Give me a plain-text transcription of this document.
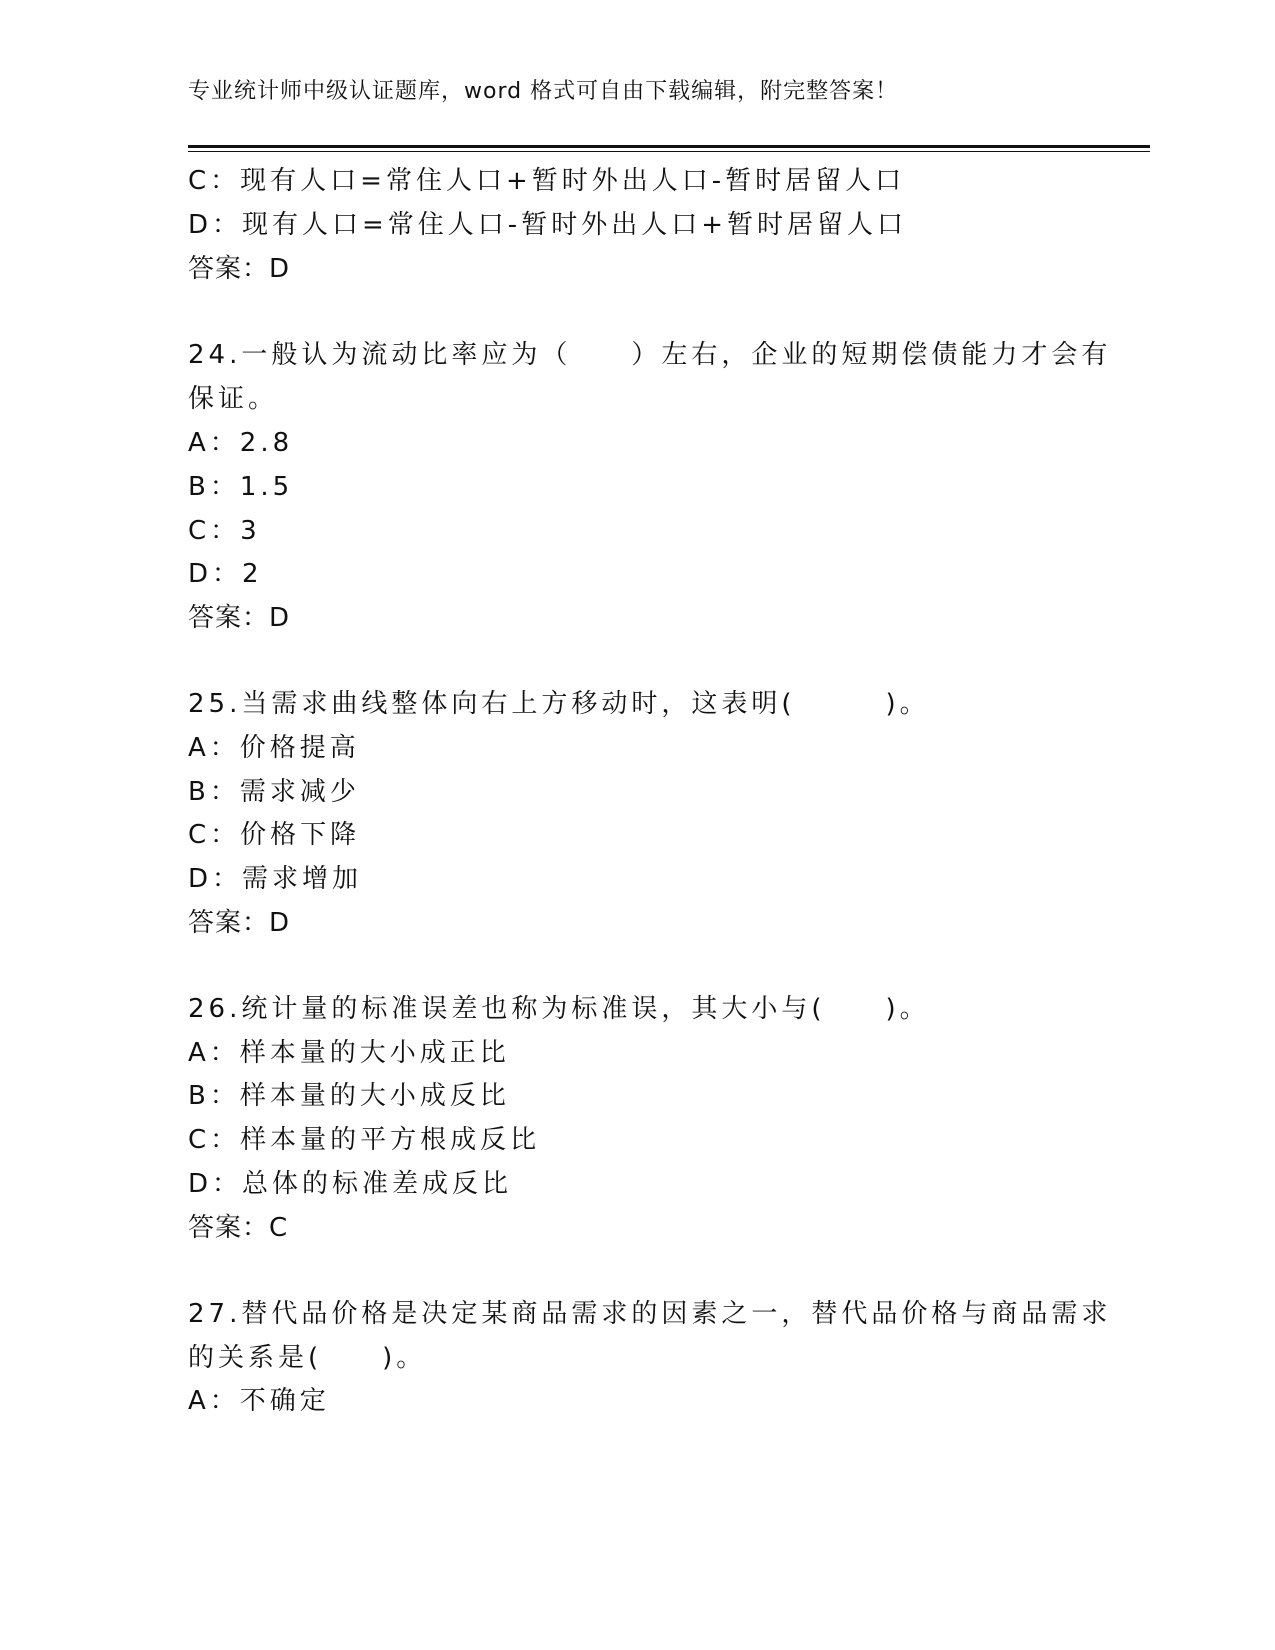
专业统计师中级认证题库，word 格式可自由下载编辑，附完整答案！
C：现有人口=常住人口+暂时外出人口-暂时居留人口
D：现有人口=常住人口-暂时外出人口+暂时居留人口
答案：D
24.一般认为流动比率应为（　　）左右，企业的短期偿债能力才会有
保证。
A：2.8
B：1.5
C：3
D：2
答案：D
25.当需求曲线整体向右上方移动时，这表明(　　　)。
A：价格提高
B：需求减少
C：价格下降
D：需求增加
答案：D
26.统计量的标准误差也称为标准误，其大小与(　　)。
A：样本量的大小成正比
B：样本量的大小成反比
C：样本量的平方根成反比
D：总体的标准差成反比
答案：C
27.替代品价格是决定某商品需求的因素之一，替代品价格与商品需求
的关系是(　　)。
A：不确定
